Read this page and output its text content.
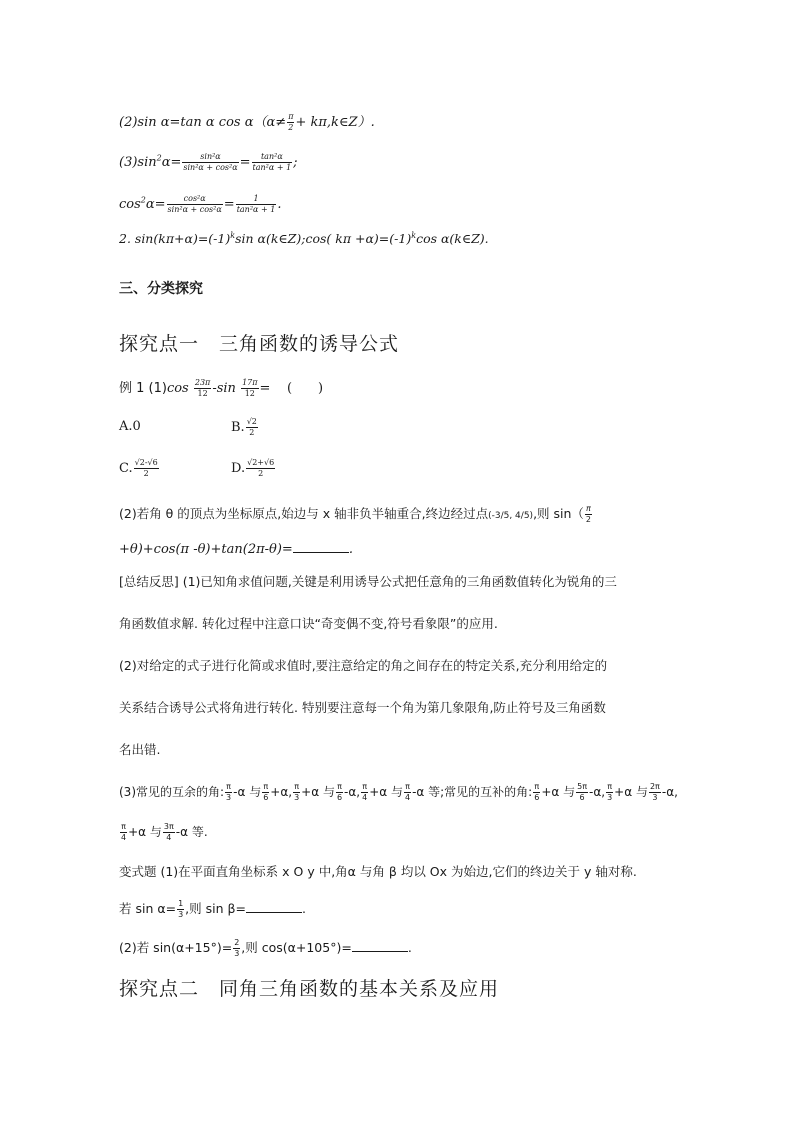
(2)sin α=tan α $\cos \alpha(\alpha\ne \frac{\pi}{2}$ + kπ,k∈Z）.
$(3)\sin^2\alpha= \frac{\text{sin²α}}{\text{sin²α + cos²α}} = \frac{\text{tan²α}}{\text{tan²α + 1}}$ ;
$\cos^2\alpha= \frac{\text{cos²α}}{\text{sin²α + cos²α}} = \frac{1}{\text{tan²α + 1}}$ .
2. $\sin(k\pi+\alpha)=(-1)^k\sin$ α(k∈Z);cos( $k\pi +\alpha)=(-1)^k\cos$ α(k∈Z).
三、分类探究
探究点一　三角函数的诱导公式
例 1 $(1)\cos \frac{23\pi}{12} -\sin \frac{17\pi}{12}$ = (　　)
A.0	B. $\frac{√2}{2}$
C. $\frac{√2-√6}{2}$	D. $\frac{√2+√6}{2}$
(2)若角 θ 的顶点为坐标原点,始边与 x 轴非负半轴重合,终边经过点(-3/5, 4/5),则 $\sin( \frac{\pi}{2}$
+θ)+cos(π -θ)+tan(2π-θ)=	.
[总结反思] (1)已知角求值问题,关键是利用诱导公式把任意角的三角函数值转化为锐角的三
角函数值求解. 转化过程中注意口诀“奇变偶不变,符号看象限”的应用.
(2)对给定的式子进行化简或求值时,要注意给定的角之间存在的特定关系,充分利用给定的
关系结合诱导公式将角进行转化. 特别要注意每一个角为第几象限角,防止符号及三角函数
名出错.
(3)常见的互余的角: $\frac{\pi}{3} -\alpha$ 与 $\frac{\pi}{6} +\alpha$, $\frac{\pi}{3} +\alpha$ 与 $\frac{\pi}{6} -\alpha$, $\frac{\pi}{4} +\alpha$ 与 $\frac{\pi}{4} -\alpha$ 等;常见的互补的角: $\frac{\pi}{6} +\alpha$ 与 $\frac{5\pi}{6} -\alpha$, $\frac{\pi}{3} +\alpha$ 与 $\frac{2\pi}{3} -\alpha$,
$\frac{\pi}{4} +\alpha$ 与 $\frac{3\pi}{4} -\alpha$ 等.
变式题 (1)在平面直角坐标系 x O y 中,角α 与角 β 均以 Ox 为始边,它们的终边关于 y 轴对称.
若 $\sin \alpha= \frac{1}{3}$ ,则 sin β=	.
(2)若 $\sin(\alpha+15^\circ)= \frac{2}{3}$ ,则 cos(α+105°)=	.
探究点二　同角三角函数的基本关系及应用
